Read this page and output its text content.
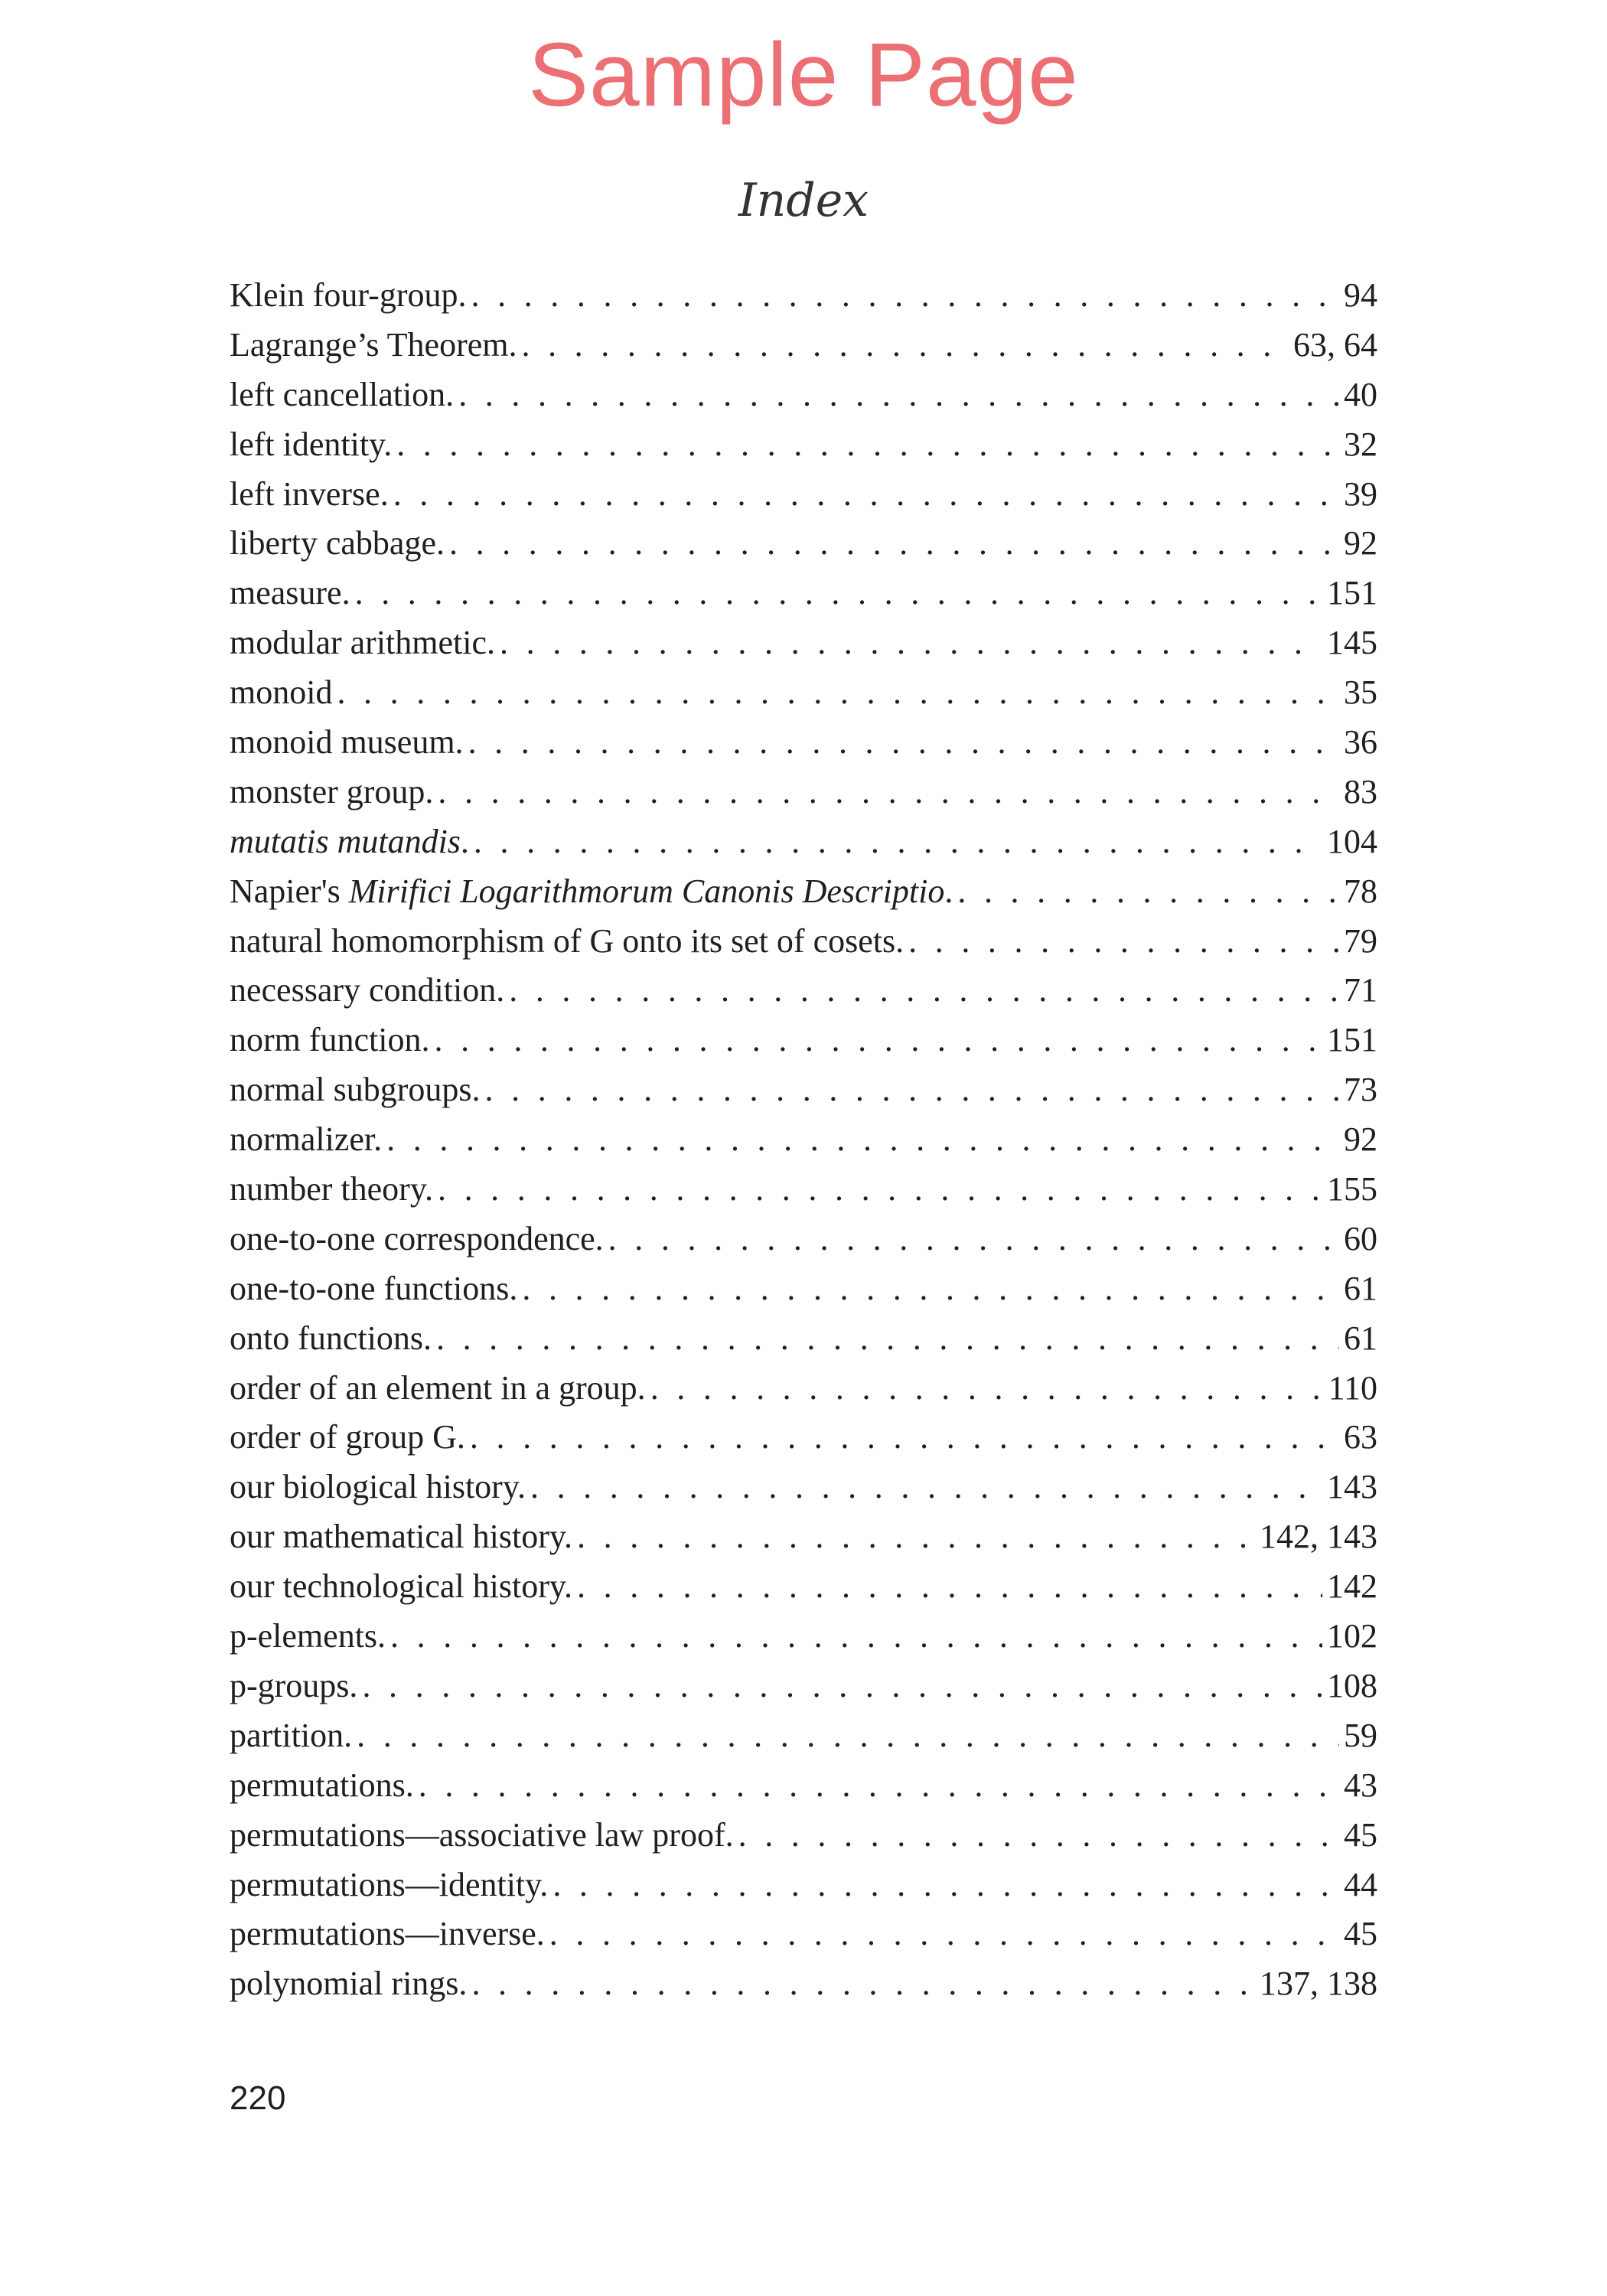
Sample Page
Index
Klein four-group. . . .	94
Lagrange’s Theorem. . . .	63, 64
left cancellation. . . .	40
left identity. . . .	32
left inverse. . . .	39
liberty cabbage. . . .	92
measure. . . .	151
modular arithmetic. . . .	145
monoid . . .	35
monoid museum. . . .	36
monster group. . . .	83
mutatis mutandis. . . .	104
Napier's Mirifici Logarithmorum Canonis Descriptio. . . .	78
natural homomorphism of G onto its set of cosets. . . .	79
necessary condition. . . .	71
norm function. . . .	151
normal subgroups. . . .	73
normalizer. . . .	92
number theory. . . .	155
one-to-one correspondence. . . .	60
one-to-one functions. . . .	61
onto functions. . . .	61
order of an element in a group. . . .	110
order of group G. . . .	63
our biological history. . . .	143
our mathematical history. . . .	142, 143
our technological history. . . .	142
p-elements. . . .	102
p-groups. . . .	108
partition. . . .	59
permutations. . . .	43
permutations—associative law proof. . . .	45
permutations—identity. . . .	44
permutations—inverse. . . .	45
polynomial rings. . . .	137, 138
220
